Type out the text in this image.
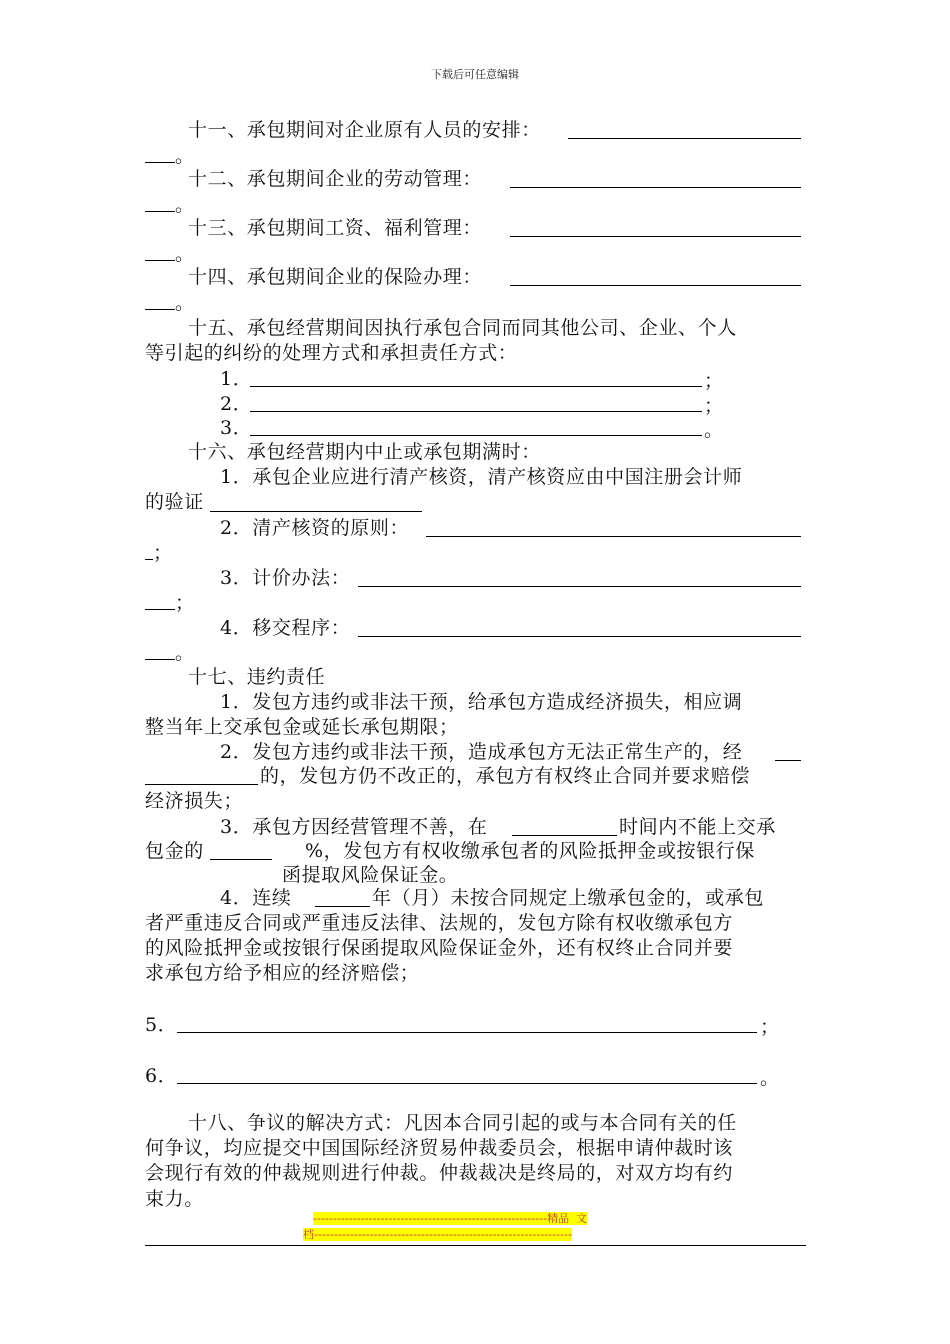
下载后可任意编辑
十一、承包期间对企业原有人员的安排：
。
十二、承包期间企业的劳动管理：
。
十三、承包期间工资、福利管理：
。
十四、承包期间企业的保险办理：
。
十五、承包经营期间因执行承包合同而同其他公司、企业、个人
等引起的纠纷的处理方式和承担责任方式：
1．	；
2．	；
3．	。
十六、承包经营期内中止或承包期满时：
1．承包企业应进行清产核资，清产核资应由中国注册会计师
的验证
2．清产核资的原则：
；
3．计价办法：
；
4．移交程序：
。
十七、违约责任
1．发包方违约或非法干预，给承包方造成经济损失，相应调
整当年上交承包金或延长承包期限；
2．发包方违约或非法干预，造成承包方无法正常生产的，经
的，发包方仍不改正的，承包方有权终止合同并要求赔偿
经济损失；
3．承包方因经营管理不善，在	时间内不能上交承
包金的	%，发包方有权收缴承包者的风险抵押金或按银行保
函提取风险保证金。
4．连续	年（月）未按合同规定上缴承包金的，或承包
者严重违反合同或严重违反法律、法规的，发包方除有权收缴承包方
的风险抵押金或按银行保函提取风险保证金外，还有权终止合同并要
求承包方给予相应的经济赔偿；
5．	；
6．	。
十八、争议的解决方式：凡因本合同引起的或与本合同有关的任
何争议，均应提交中国国际经济贸易仲裁委员会，根据申请仲裁时该
会现行有效的仲裁规则进行仲裁。仲裁裁决是终局的，对双方均有约
束力。
-----------------------------------------------------------精品  文
档-----------------------------------------------------------------
